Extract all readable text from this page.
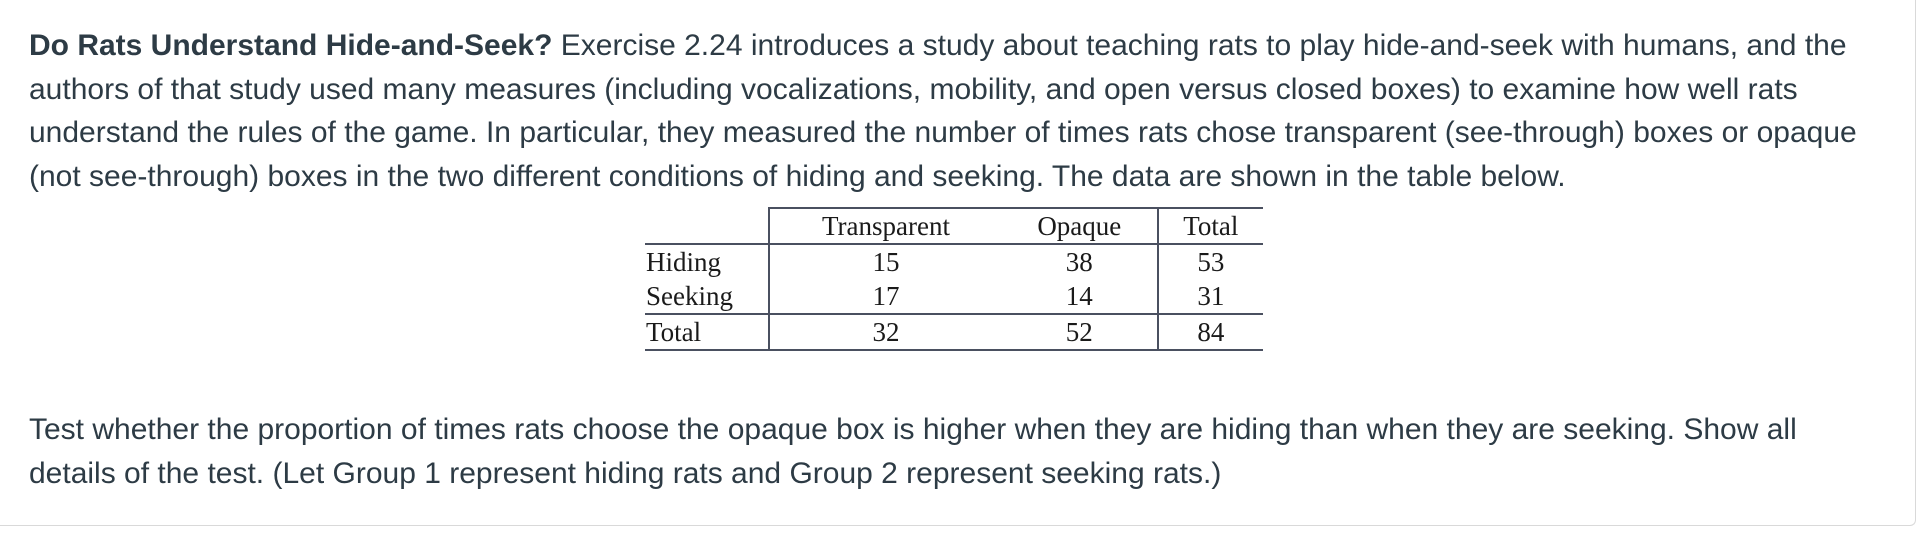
Do Rats Understand Hide-and-Seek? Exercise 2.24 introduces a study about teaching rats to play hide-and-seek with humans, and the authors of that study used many measures (including vocalizations, mobility, and open versus closed boxes) to examine how well rats understand the rules of the game. In particular, they measured the number of times rats chose transparent (see-through) boxes or opaque (not see-through) boxes in the two different conditions of hiding and seeking. The data are shown in the table below.

	Transparent	Opaque	Total
Hiding	15	38	53
Seeking	17	14	31
Total	32	52	84

Test whether the proportion of times rats choose the opaque box is higher when they are hiding than when they are seeking. Show all details of the test. (Let Group 1 represent hiding rats and Group 2 represent seeking rats.)
